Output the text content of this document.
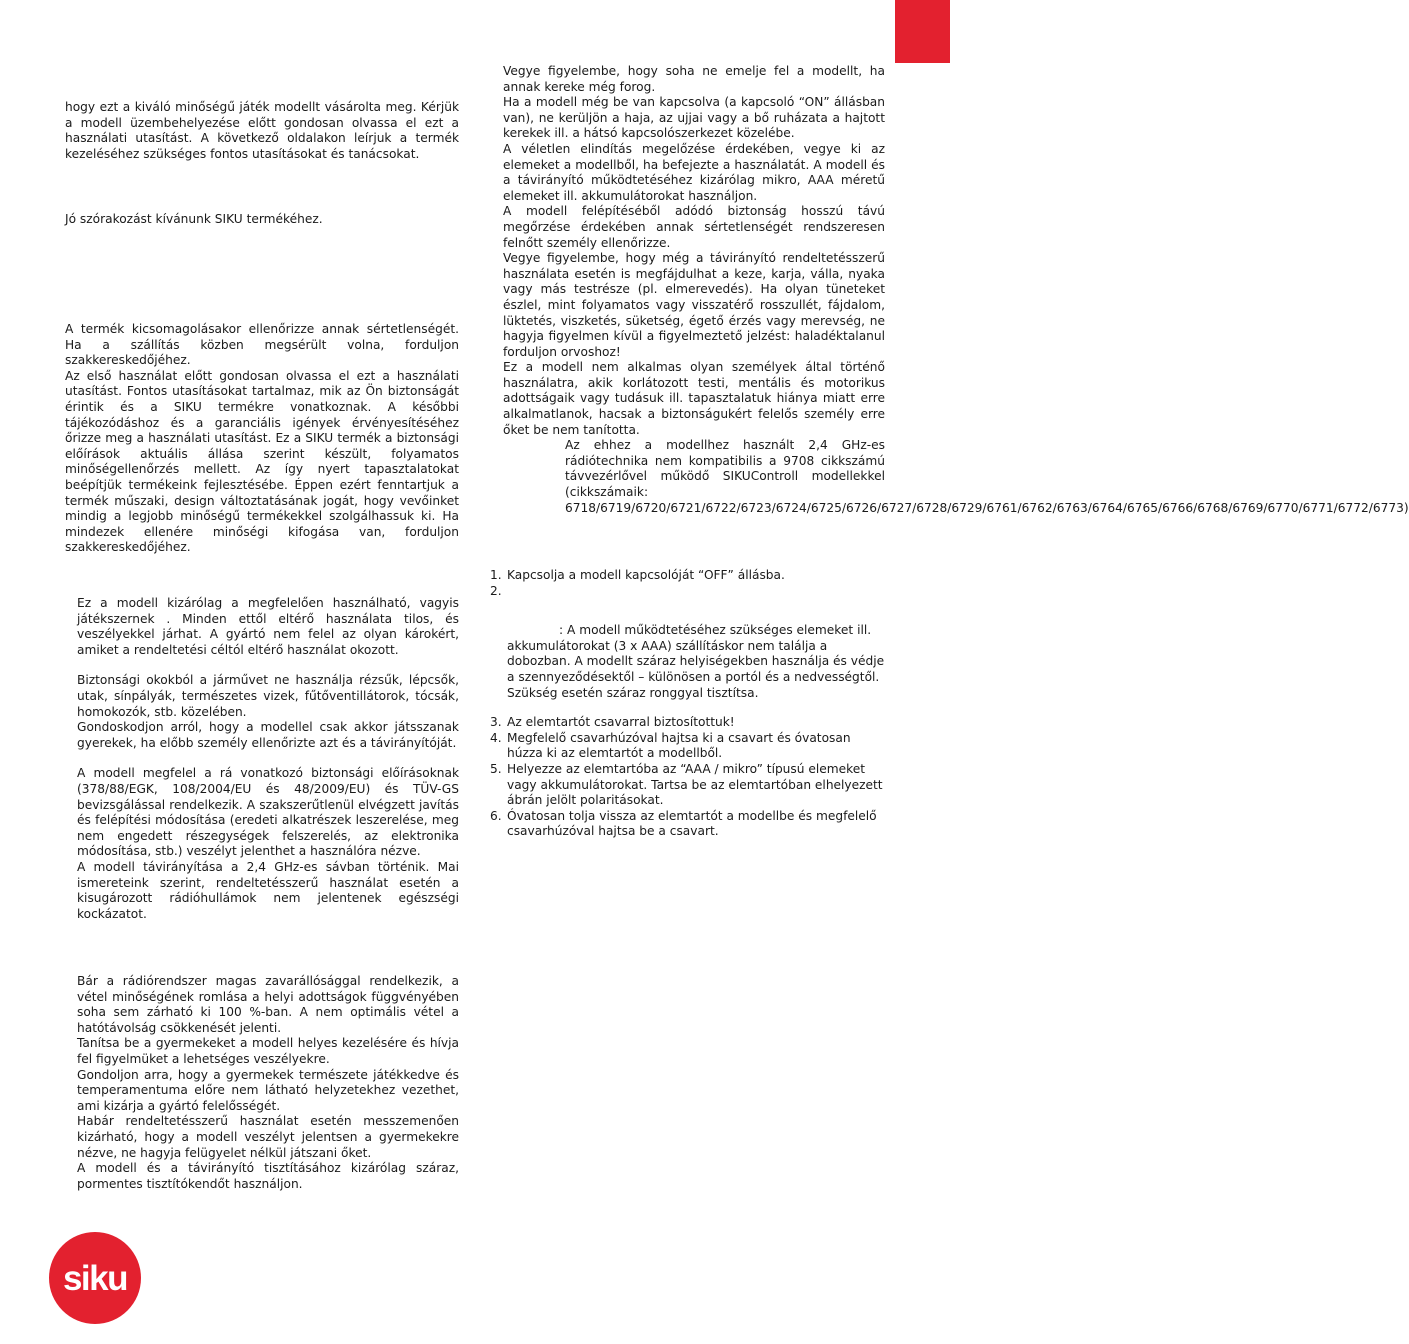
hogy ezt a kiváló minőségű játék modellt vásárolta meg. Kérjük a modell üzembehelyezése előtt gondosan olvassa el ezt a használati utasítást. A következő oldalakon leírjuk a termék kezeléséhez szükséges fontos utasításokat és tanácsokat.

Jó szórakozást kívánunk SIKU termékéhez.

A termék kicsomagolásakor ellenőrizze annak sértetlenségét. Ha a szállítás közben megsérült volna, forduljon szakkereskedőjéhez.

Az első használat előtt gondosan olvassa el ezt a használati utasítást. Fontos utasításokat tartalmaz, mik az Ön biztonságát érintik és a SIKU termékre vonatkoznak. A későbbi tájékozódáshoz és a garanciális igények érvényesítéséhez őrizze meg a használati utasítást. Ez a SIKU termék a biztonsági előírások aktuális állása szerint készült, folyamatos minőségellenőrzés mellett. Az így nyert tapasztalatokat beépítjük termékeink fejlesztésébe. Éppen ezért fenntartjuk a termék műszaki, design változtatásának jogát, hogy vevőinket mindig a legjobb minőségű termékekkel szolgálhassuk ki. Ha mindezek ellenére minőségi kifogása van, forduljon szakkereskedőjéhez.

Ez a modell kizárólag a megfelelően használható, vagyis játékszernek . Minden ettől eltérő használata tilos, és veszélyekkel járhat. A gyártó nem felel az olyan károkért, amiket a rendeltetési céltól eltérő használat okozott.

Biztonsági okokból a járművet ne használja rézsűk, lépcsők, utak, sínpályák, természetes vizek, fűtőventillátorok, tócsák, homokozók, stb. közelében.

Gondoskodjon arról, hogy a modellel csak akkor játsszanak gyerekek, ha előbb személy ellenőrizte azt és a távirányítóját.

A modell megfelel a rá vonatkozó biztonsági előírásoknak (378/88/EGK, 108/2004/EU és 48/2009/EU) és TÜV-GS bevizsgálással rendelkezik. A szakszerűtlenül elvégzett javítás és felépítési módosítása (eredeti alkatrészek leszerelése, meg nem engedett részegységek felszerelés, az elektronika módosítása, stb.) veszélyt jelenthet a használóra nézve.

A modell távirányítása a 2,4 GHz-es sávban történik. Mai ismereteink szerint, rendeltetésszerű használat esetén a kisugározott rádióhullámok nem jelentenek egészségi kockázatot.

Bár a rádiórendszer magas zavarállósággal rendelkezik, a vétel minőségének romlása a helyi adottságok függvényében soha sem zárható ki 100 %-ban. A nem optimális vétel a hatótávolság csökkenését jelenti.

Tanítsa be a gyermekeket a modell helyes kezelésére és hívja fel figyelmüket a lehetséges veszélyekre.

Gondoljon arra, hogy a gyermekek természete játékkedve és temperamentuma előre nem látható helyzetekhez vezethet, ami kizárja a gyártó felelősségét.

Habár rendeltetésszerű használat esetén messzemenően kizárható, hogy a modell veszélyt jelentsen a gyermekekre nézve, ne hagyja felügyelet nélkül játszani őket.

A modell és a távirányító tisztításához kizárólag száraz, pormentes tisztítókendőt használjon.

Vegye figyelembe, hogy soha ne emelje fel a modellt, ha annak kereke még forog.

Ha a modell még be van kapcsolva (a kapcsoló “ON” állásban van), ne kerüljön a haja, az ujjai vagy a bő ruházata a hajtott kerekek ill. a hátsó kapcsolószerkezet közelébe.

A véletlen elindítás megelőzése érdekében, vegye ki az elemeket a modellből, ha befejezte a használatát. A modell és a távirányító működtetéséhez kizárólag mikro, AAA méretű elemeket ill. akkumulátorokat használjon.

A modell felépítéséből adódó biztonság hosszú távú megőrzése érdekében annak sértetlenségét rendszeresen felnőtt személy ellenőrizze.

Vegye figyelembe, hogy még a távirányító rendeltetésszerű használata esetén is megfájdulhat a keze, karja, válla, nyaka vagy más testrésze (pl. elmerevedés). Ha olyan tüneteket észlel, mint folyamatos vagy visszatérő rosszullét, fájdalom, lüktetés, viszketés, süketség, égető érzés vagy merevség, ne hagyja figyelmen kívül a figyelmeztető jelzést: haladéktalanul forduljon orvoshoz!

Ez a modell nem alkalmas olyan személyek által történő használatra, akik korlátozott testi, mentális és motorikus adottságaik vagy tudásuk ill. tapasztalatuk hiánya miatt erre alkalmatlanok, hacsak a biztonságukért felelős személy erre őket be nem tanította.

Az ehhez a modellhez használt 2,4 GHz-es rádiótechnika nem kompatibilis a 9708 cikkszámú távvezérlővel működő SIKUControll modellekkel (cikkszámaik: 6718/6719/6720/6721/6722/6723/6724/6725/6726/6727/6728/6729/6761/6762/6763/6764/6765/6766/6768/6769/6770/6771/6772/6773)

1. Kapcsolja a modell kapcsolóját “OFF” állásba.
2.
: A modell működtetéséhez szükséges elemeket ill. akkumulátorokat (3 x AAA) szállításkor nem találja a dobozban. A modellt száraz helyiségekben használja és védje a szennyeződésektől – különösen a portól és a nedvességtől. Szükség esetén száraz ronggyal tisztítsa.
3. Az elemtartót csavarral biztosítottuk!
4. Megfelelő csavarhúzóval hajtsa ki a csavart és óvatosan húzza ki az elemtartót a modellből.
5. Helyezze az elemtartóba az “AAA / mikro” típusú elemeket vagy akkumulátorokat. Tartsa be az elemtartóban elhelyezett ábrán jelölt polaritásokat.
6. Óvatosan tolja vissza az elemtartót a modellbe és megfelelő csavarhúzóval hajtsa be a csavart.
siku
